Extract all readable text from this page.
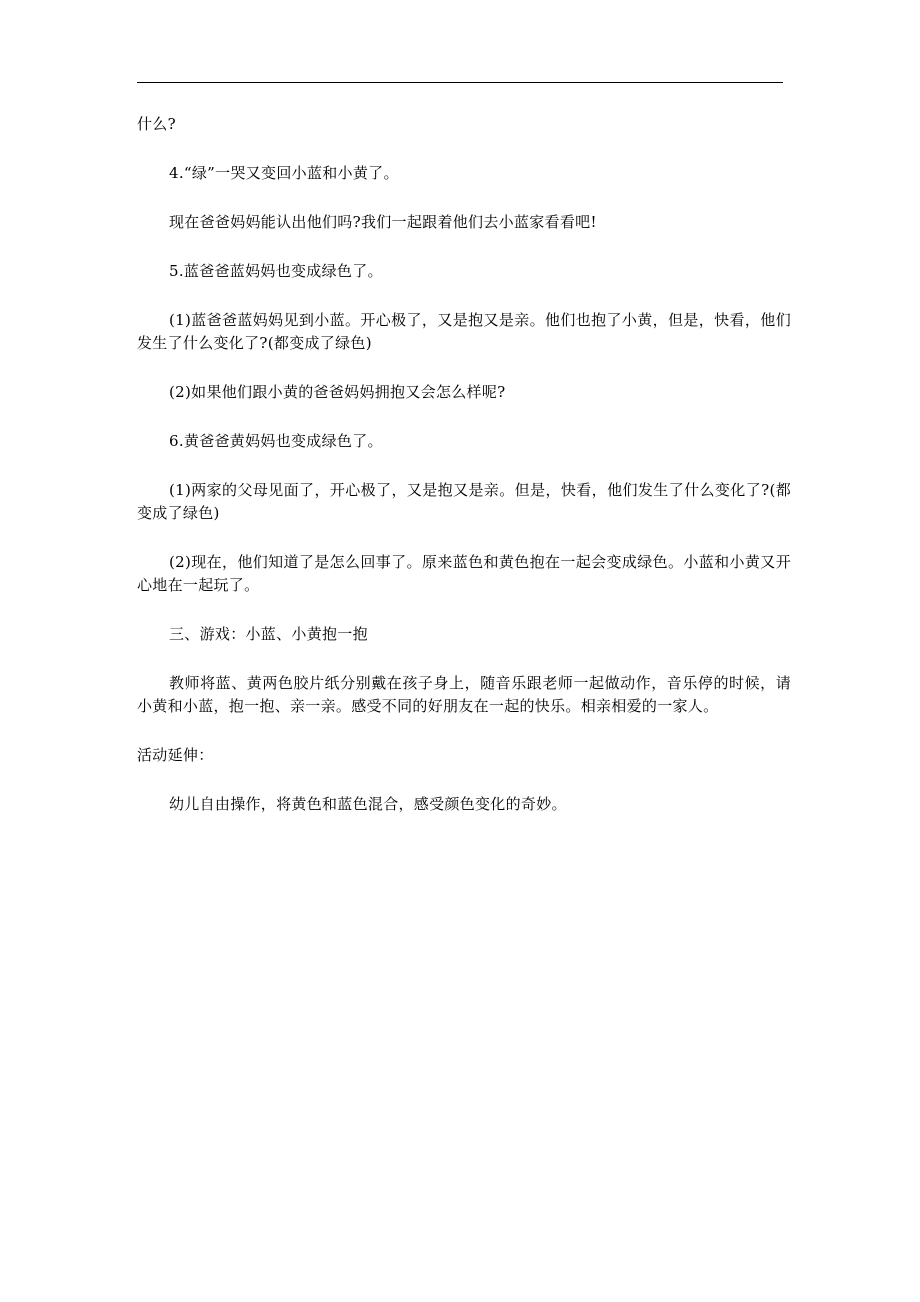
什么?

4.“绿”一哭又变回小蓝和小黄了。

现在爸爸妈妈能认出他们吗?我们一起跟着他们去小蓝家看看吧!

5.蓝爸爸蓝妈妈也变成绿色了。

(1)蓝爸爸蓝妈妈见到小蓝。开心极了，又是抱又是亲。他们也抱了小黄，但是，快看，他们发生了什么变化了?(都变成了绿色)

(2)如果他们跟小黄的爸爸妈妈拥抱又会怎么样呢?

6.黄爸爸黄妈妈也变成绿色了。

(1)两家的父母见面了，开心极了，又是抱又是亲。但是，快看，他们发生了什么变化了?(都变成了绿色)

(2)现在，他们知道了是怎么回事了。原来蓝色和黄色抱在一起会变成绿色。小蓝和小黄又开心地在一起玩了。

三、游戏：小蓝、小黄抱一抱

教师将蓝、黄两色胶片纸分别戴在孩子身上，随音乐跟老师一起做动作，音乐停的时候，请小黄和小蓝，抱一抱、亲一亲。感受不同的好朋友在一起的快乐。相亲相爱的一家人。

活动延伸：

幼儿自由操作，将黄色和蓝色混合，感受颜色变化的奇妙。
